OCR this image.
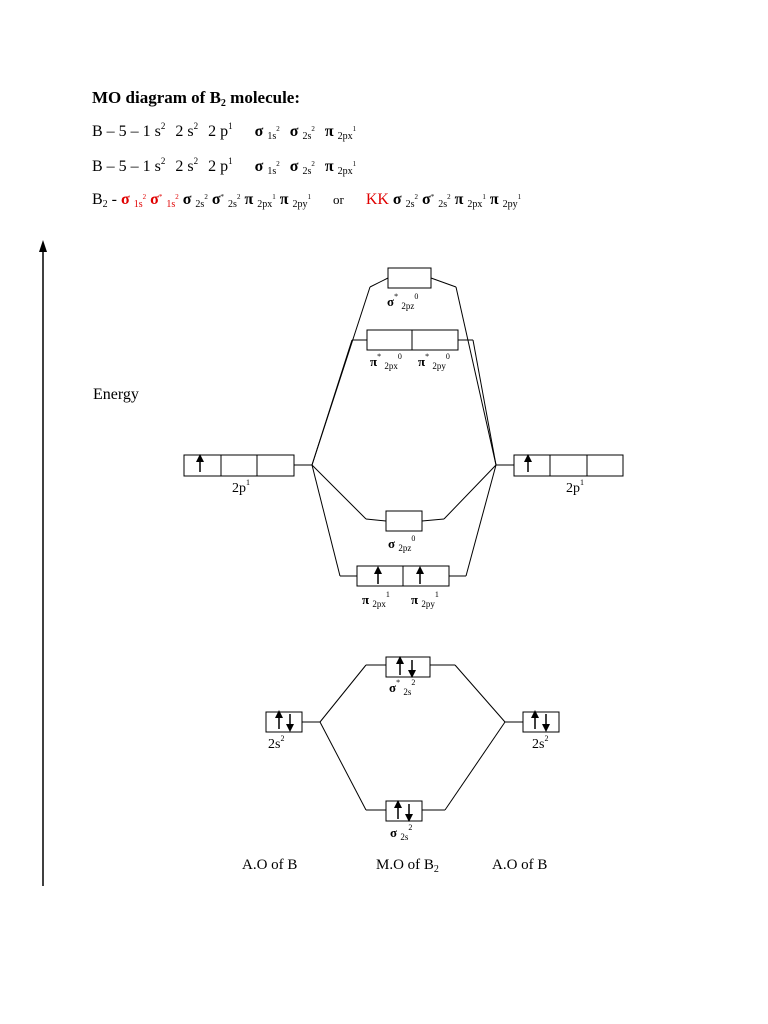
MO diagram of $B_2$ molecule:
B – 5 – 1 $s^2$ 2 $s^2$ 2 $p^1$ σ $_{1s}^2$ σ $_{2s}^2$ π $_{2px}^1$
B – 5 – 1 $s^2$ 2 $s^2$ 2 $p^1$ σ $_{1s}^2$ σ $_{2s}^2$ π $_{2px}^1$
$B_2$ - σ $_{1s}^2$ σ* $_{1s}^2$ σ $_{2s}^2$ σ* $_{2s}^2$ π $_{2px}^1$ π $_{2py}^1$ or KK σ $_{2s}^2$ σ* $_{2s}^2$ π $_{2px}^1$ π $_{2py}^1$
Energy
$2p^1$	$2p^1$
σ* $_{2pz}^0$
π* $_{2px}^0$ π* $_{2py}^0$
σ $_{2pz}^0$
π $_{2px}^1$ π $_{2py}^1$
σ* $_{2s}^2$
$2s^2$	$2s^2$
σ $_{2s}^2$
A.O of B	M.O of $B_2$	A.O of B
